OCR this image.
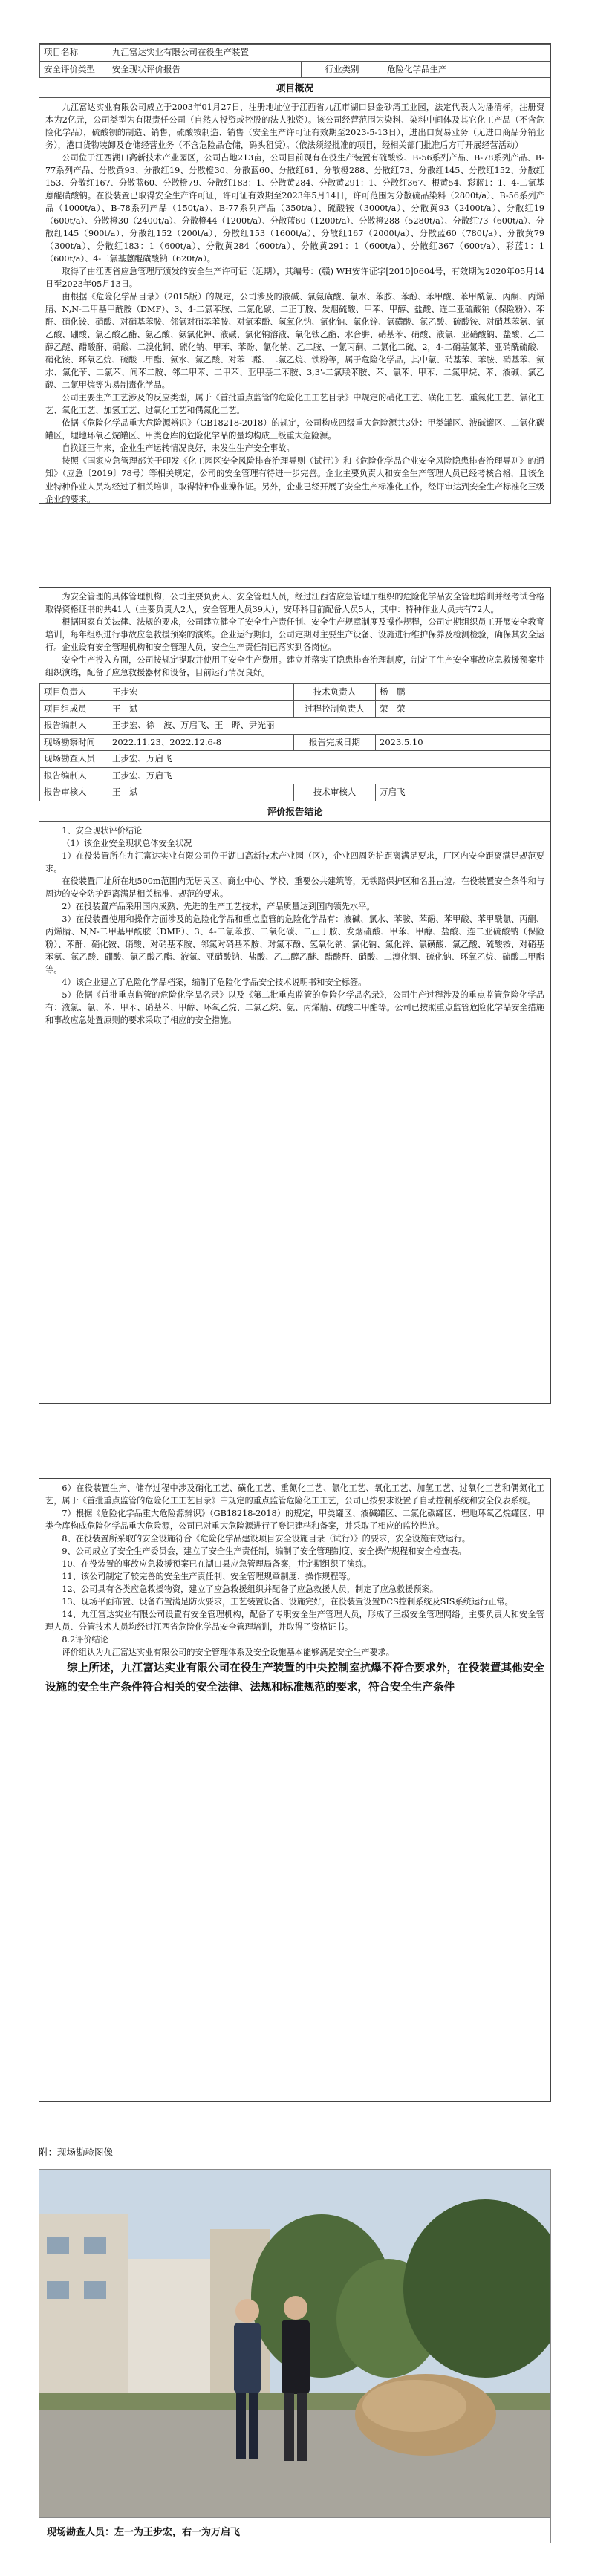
项目名称	九江富达实业有限公司在役生产装置		
安全评价类型	安全现状评价报告	行业类别	危险化学品生产
项目概况

九江富达实业有限公司成立于2003年01月27日，注册地址位于江西省九江市湖口县金砂湾工业园，法定代表人为潘清标，注册资本为2亿元，公司类型为有限责任公司（自然人投资或控股的法人独资）。该公司经营范围为染料、染料中间体及其它化工产品（不含危险化学品），硫酸钡的制造、销售，硫酸铵制造、销售（安全生产许可证有效期至2023-5-13日），进出口贸易业务（无进口商品分销业务），港口货物装卸及仓储经营业务（不含危险品仓储，码头租赁）。（依法须经批准的项目，经相关部门批准后方可开展经营活动）

公司位于江西湖口高新技术产业园区，公司占地213亩，公司目前现有在役生产装置有硫酸铵、B-56系列产品、B-78系列产品、B-77系列产品、分散黄93、分散红19、分散橙30、分散蓝60、分散红61、分散橙288、分散红73、分散红145、分散红152、分散红153、分散红167、分散蓝60、分散橙79、分散红183：1、分散黄284、分散黄291：1、分散红367、根黄54、彩蓝1：1、4-二氯基蒽醌磺酸钠。在役装置已取得安全生产许可证，许可证有效期至2023年5月14日，许可范围为分散硫品染料（2800t/a）、B-56系列产品（1000t/a）、B-78系列产品（150t/a）、B-77系列产品（350t/a）、硫酸铵（3000t/a）、分散黄93（2400t/a）、分散红19（600t/a）、分散橙30（2400t/a）、分散橙44（1200t/a）、分散蓝60（1200t/a）、分散橙288（5280t/a）、分散红73（600t/a）、分散红145（900t/a）、分散红152（200t/a）、分散红153（1600t/a）、分散红167（2000t/a）、分散蓝60（780t/a）、分散黄79（300t/a）、分散红183：1（600t/a）、分散黄284（600t/a）、分散黄291：1（600t/a）、分散红367（600t/a）、彩蓝1：1（600t/a）、4-二氯基蒽醌磺酸钠（620t/a）。

取得了由江西省应急管理厅颁发的安全生产许可证（延期），其编号：(赣) WH安许证字[2010]0604号，有效期为2020年05月14日至2023年05月13日。

由根据《危险化学品目录》（2015版）的规定，公司涉及的液碱、氯氨磺酸、氯水、苯胺、苯酚、苯甲酸、苯甲酰氯、丙酮、丙烯腈、N,N-二甲基甲酰胺（DMF）、3、4-二氯苯胺、二氯化碳、二正丁胺、发烟硫酸、甲苯、甲醇、盐酸、连二亚硫酸钠（保险粉）、苯酐、硝化铵、硝酸、对硝基苯胺、邻氯对硝基苯胺、对氯苯酚、氢氧化钠、氯化钠、氯化锌、氯磺酸、氯乙酸、硫酸铵、对硝基苯氨、氯乙酸、硼酸、氯乙酸乙酯、氨乙酸、氨氯化钾、液碱、氯化钠溶液、氧化钛乙酯、水合肼、硝基苯、硝酸、液氯、亚硝酸钠、盐酸、乙二醇乙醚、醋酸酐、硝酸、二溴化铜、硫化钠、甲苯、苯酚、氯化钠、乙二胺、一氯丙酮、二氯化二硫、2，4-二硝基氯苯、亚硝酰硫酸、硝化铵、环氧乙烷、硫酸二甲酯、氨水、氯乙酸、对苯二醛、二氯乙烷、铁粉等，属于危险化学品，其中氯、硝基苯、苯胺、硝基苯、氨水、氯化苄、二氯苯、间苯二胺、邻二甲苯、二甲苯、亚甲基二苯胺、3,3'-二氯联苯胺、苯、氯苯、甲苯、二氯甲烷、苯、液碱、氯乙酸、二氯甲烷等为易制毒化学品。

公司主要生产工艺涉及的反应类型，属于《首批重点监管的危险化工工艺目录》中规定的硝化工艺、磺化工艺、重氮化工艺、氯化工艺、氧化工艺、加氢工艺、过氧化工艺和偶氮化工艺。

依据《危险化学品重大危险源辨识》（GB18218-2018）的规定，公司构成四级重大危险源共3处：甲类罐区、液碱罐区、二氯化碳罐区，埋地环氧乙烷罐区、甲类仓库的危险化学品的量均构成三级重大危险源。

自换证三年来，企业生产运转情况良好，未发生生产安全事故。

按照《国家应急管理部关于印发《化工园区安全风险排查治理导则（试行）》和《危险化学品企业安全风险隐患排查治理导则》的通知》（应急〔2019〕78号）等相关规定，公司的安全管理有待进一步完善。企业主要负责人和安全生产管理人员已经考核合格，且该企业特种作业人员均经过了相关培训，取得特种作业操作证。另外，企业已经开展了安全生产标准化工作，经评审达到安全生产标准化三级企业的要求。

为安全管理的具体管理机构，公司主要负责人、安全管理人员，经过江西省应急管理厅组织的危险化学品安全管理培训并经考试合格取得资格证书的共41人（主要负责人2人，安全管理人员39人），安环科目前配备人员5人，其中：特种作业人员共有72人。

根据国家有关法律、法规的要求，公司建立健全了安全生产责任制、安全生产规章制度及操作规程，公司定期组织员工开展安全教育培训，每年组织进行事故应急救援预案的演练。企业运行期间，公司定期对主要生产设备、设施进行维护保养及检测检验，确保其安全运行。企业设有安全管理机构和安全管理人员，安全生产责任制已落实到各岗位。

安全生产投入方面，公司按规定提取并使用了安全生产费用。建立并落实了隐患排查治理制度，制定了生产安全事故应急救援预案并组织演练，配备了应急救援器材和设备，目前运行情况良好。

项目负责人	王步宏	技术负责人	杨　鹏
项目组成员	王　斌	过程控制负责人	荣　荣
报告编制人	王步宏、徐　波、万启飞、王　晔、尹光丽		
现场勘察时间	2022.11.23、2022.12.6-8	报告完成日期	2023.5.10
现场勘查人员	王步宏、万启飞		
报告编制人	王步宏、万启飞		
报告审核人	王　斌	技术审核人	万启飞
评价报告结论

1、安全现状评价结论

（1）该企业安全现状总体安全状况

1）在役装置所在九江富达实业有限公司位于湖口高新技术产业园（区），企业四周防护距离满足要求，厂区内安全距离满足规范要求。

在役装置厂址所在地500m范围内无居民区、商业中心、学校、重要公共建筑等，无铁路保护区和名胜古迹。在役装置安全条件和与周边的安全防护距离满足相关标准、规范的要求。

2）在役装置产品采用国内成熟、先进的生产工艺技术，产品质量达到国内领先水平。

3）在役装置使用和操作方面涉及的危险化学品和重点监管的危险化学品有：液碱、氯水、苯胺、苯酚、苯甲酸、苯甲酰氯、丙酮、丙烯腈、N,N-二甲基甲酰胺（DMF）、3、4-二氯苯胺、二氧化碳、二正丁胺、发烟硫酸、甲苯、甲醇、盐酸、连二亚硫酸钠（保险粉）、苯酐、硝化铵、硝酸、对硝基苯胺、邻氯对硝基苯胺、对氯苯酚、氢氧化钠、氯化钠、氯化锌、氯磺酸、氯乙酸、硫酸铵、对硝基苯氨、氯乙酸、硼酸、氯乙酸乙酯、液氯、亚硝酸钠、盐酸、乙二醇乙醚、醋酸酐、硝酸、二溴化铜、硫化钠、环氧乙烷、硫酸二甲酯等。

4）该企业建立了危险化学品档案，编制了危险化学品安全技术说明书和安全标签。

5）依据《首批重点监管的危险化学品名录》以及《第二批重点监管的危险化学品名录》，公司生产过程涉及的重点监管危险化学品有：液氯、氯、苯、甲苯、硝基苯、甲醇、环氧乙烷、二氯乙烷、氨、丙烯腈、硫酸二甲酯等。公司已按照重点监管危险化学品安全措施和事故应急处置原则的要求采取了相应的安全措施。

6）在役装置生产、储存过程中涉及硝化工艺、磺化工艺、重氮化工艺、氯化工艺、氧化工艺、加氢工艺、过氧化工艺和偶氮化工艺，属于《首批重点监管的危险化工工艺目录》中规定的重点监管危险化工工艺，公司已按要求设置了自动控制系统和安全仪表系统。

7）根据《危险化学品重大危险源辨识》（GB18218-2018）的规定，甲类罐区、液碱罐区、二氯化碳罐区、埋地环氧乙烷罐区、甲类仓库构成危险化学品重大危险源，公司已对重大危险源进行了登记建档和备案，并采取了相应的监控措施。

8、在役装置所采取的安全设施符合《危险化学品建设项目安全设施目录（试行）》的要求，安全设施有效运行。

9、公司成立了安全生产委员会，建立了安全生产责任制，编制了安全管理制度、安全操作规程和安全检查表。

10、在役装置的事故应急救援预案已在湖口县应急管理局备案，并定期组织了演练。

11、该公司制定了较完善的安全生产责任制、安全管理规章制度、操作规程等。

12、公司具有各类应急救援物资，建立了应急救援组织并配备了应急救援人员，制定了应急救援预案。

13、现场平面布置、设备布置满足防火要求，工艺装置设备、设施完好，在役装置设置DCS控制系统及SIS系统运行正常。

14、九江富达实业有限公司设置有安全管理机构，配备了专职安全生产管理人员，形成了三级安全管理网络。主要负责人和安全管理人员、分管技术人员均经过江西省危险化学品安全管理培训，并取得了资格证书。

8.2评价结论

评价组认为九江富达实业有限公司的安全管理体系及安全设施基本能够满足安全生产要求。

综上所述，九江富达实业有限公司在役生产装置的中央控制室抗爆不符合要求外，在役装置其他安全设施的安全生产条件符合相关的安全法律、法规和标准规范的要求，符合安全生产条件

附：现场勘验图像
现场勘查人员：左一为王步宏，右一为万启飞
